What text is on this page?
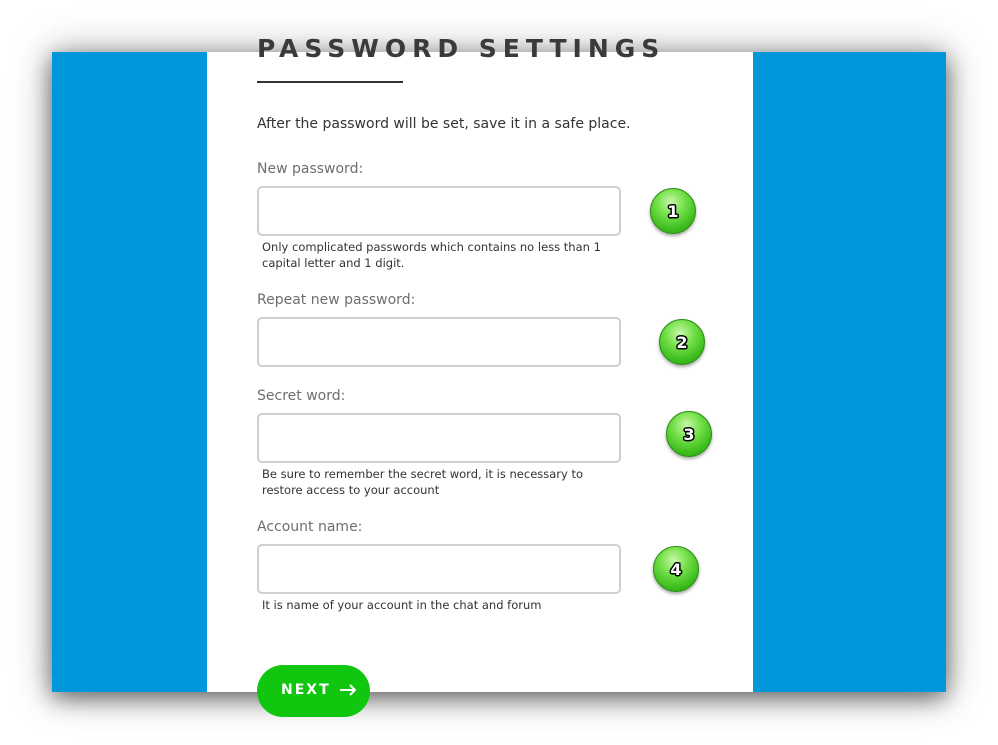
PASSWORD SETTINGS
After the password will be set, save it in a safe place.
New password:
Only complicated passwords which contains no less than 1 capital letter and 1 digit.
1
Repeat new password:
2
Secret word:
Be sure to remember the secret word, it is necessary to restore access to your account
3
Account name:
It is name of your account in the chat and forum
4
NEXT
